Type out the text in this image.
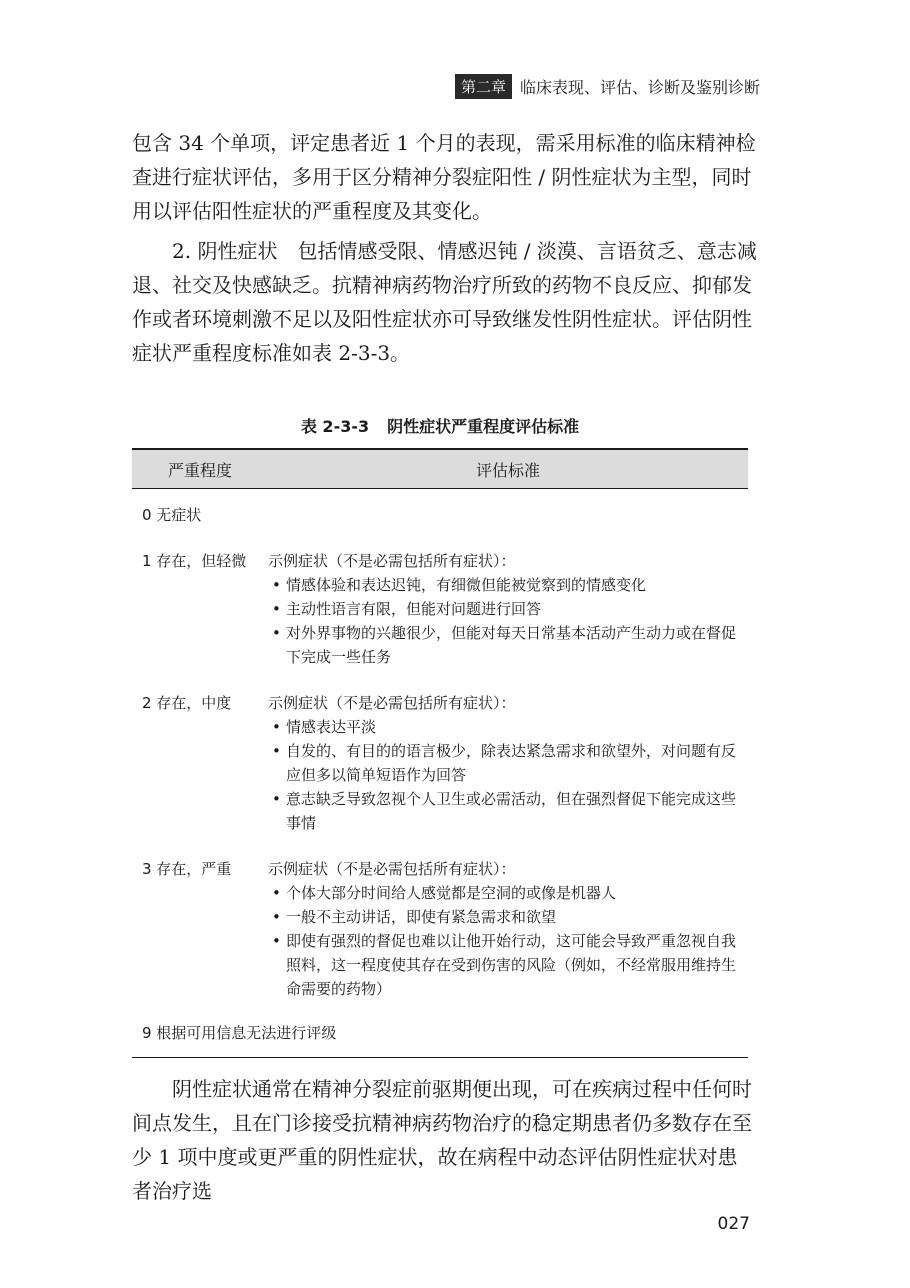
第二章 临床表现、评估、诊断及鉴别诊断

包含 34 个单项，评定患者近 1 个月的表现，需采用标准的临床精神检查进行症状评估，多用于区分精神分裂症阳性 / 阴性症状为主型，同时用以评估阳性症状的严重程度及其变化。

2. 阴性症状　包括情感受限、情感迟钝 / 淡漠、言语贫乏、意志减退、社交及快感缺乏。抗精神病药物治疗所致的药物不良反应、抑郁发作或者环境刺激不足以及阳性症状亦可导致继发性阴性症状。评估阴性症状严重程度标准如表 2-3-3。

表 2-3-3 阴性症状严重程度评估标准
严重程度	评估标准
0 无症状
1 存在，但轻微	示例症状（不是必需包括所有症状）：
• 情感体验和表达迟钝，有细微但能被觉察到的情感变化
• 主动性语言有限，但能对问题进行回答
• 对外界事物的兴趣很少，但能对每天日常基本活动产生动力或在督促下完成一些任务
2 存在，中度	示例症状（不是必需包括所有症状）：
• 情感表达平淡
• 自发的、有目的的语言极少，除表达紧急需求和欲望外，对问题有反应但多以简单短语作为回答
• 意志缺乏导致忽视个人卫生或必需活动，但在强烈督促下能完成这些事情
3 存在，严重	示例症状（不是必需包括所有症状）：
• 个体大部分时间给人感觉都是空洞的或像是机器人
• 一般不主动讲话，即使有紧急需求和欲望
• 即使有强烈的督促也难以让他开始行动，这可能会导致严重忽视自我照料，这一程度使其存在受到伤害的风险（例如，不经常服用维持生命需要的药物）
9 根据可用信息无法进行评级

阴性症状通常在精神分裂症前驱期便出现，可在疾病过程中任何时间点发生，且在门诊接受抗精神病药物治疗的稳定期患者仍多数存在至少 1 项中度或更严重的阴性症状，故在病程中动态评估阴性症状对患者治疗选

027
